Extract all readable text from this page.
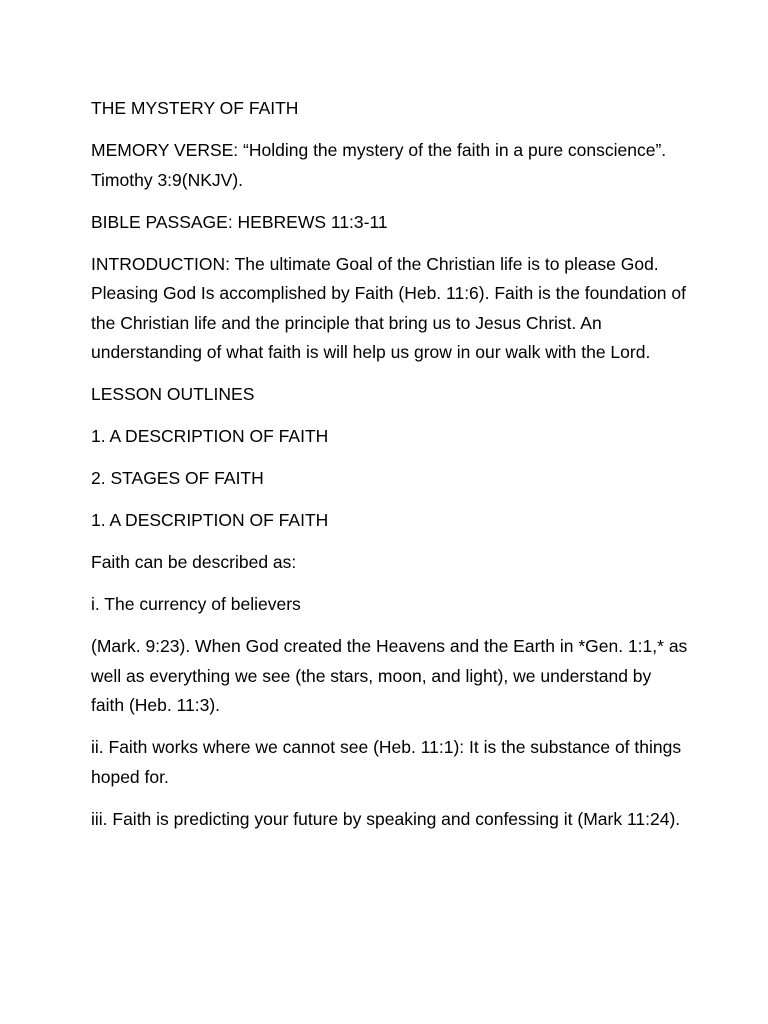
THE MYSTERY OF FAITH

MEMORY VERSE: “Holding the mystery of the faith in a pure conscience”. Timothy 3:9(NKJV).

BIBLE PASSAGE: HEBREWS 11:3-11

INTRODUCTION: The ultimate Goal of the Christian life is to please God. Pleasing God Is accomplished by Faith (Heb. 11:6). Faith is the foundation of the Christian life and the principle that bring us to Jesus Christ. An understanding of what faith is will help us grow in our walk with the Lord.

LESSON OUTLINES

1. A DESCRIPTION OF FAITH

2. STAGES OF FAITH

1. A DESCRIPTION OF FAITH

Faith can be described as:

i. The currency of believers

(Mark. 9:23). When God created the Heavens and the Earth in *Gen. 1:1,* as well as everything we see (the stars, moon, and light), we understand by faith (Heb. 11:3).

ii. Faith works where we cannot see (Heb. 11:1): It is the substance of things hoped for.

iii. Faith is predicting your future by speaking and confessing it (Mark 11:24).
